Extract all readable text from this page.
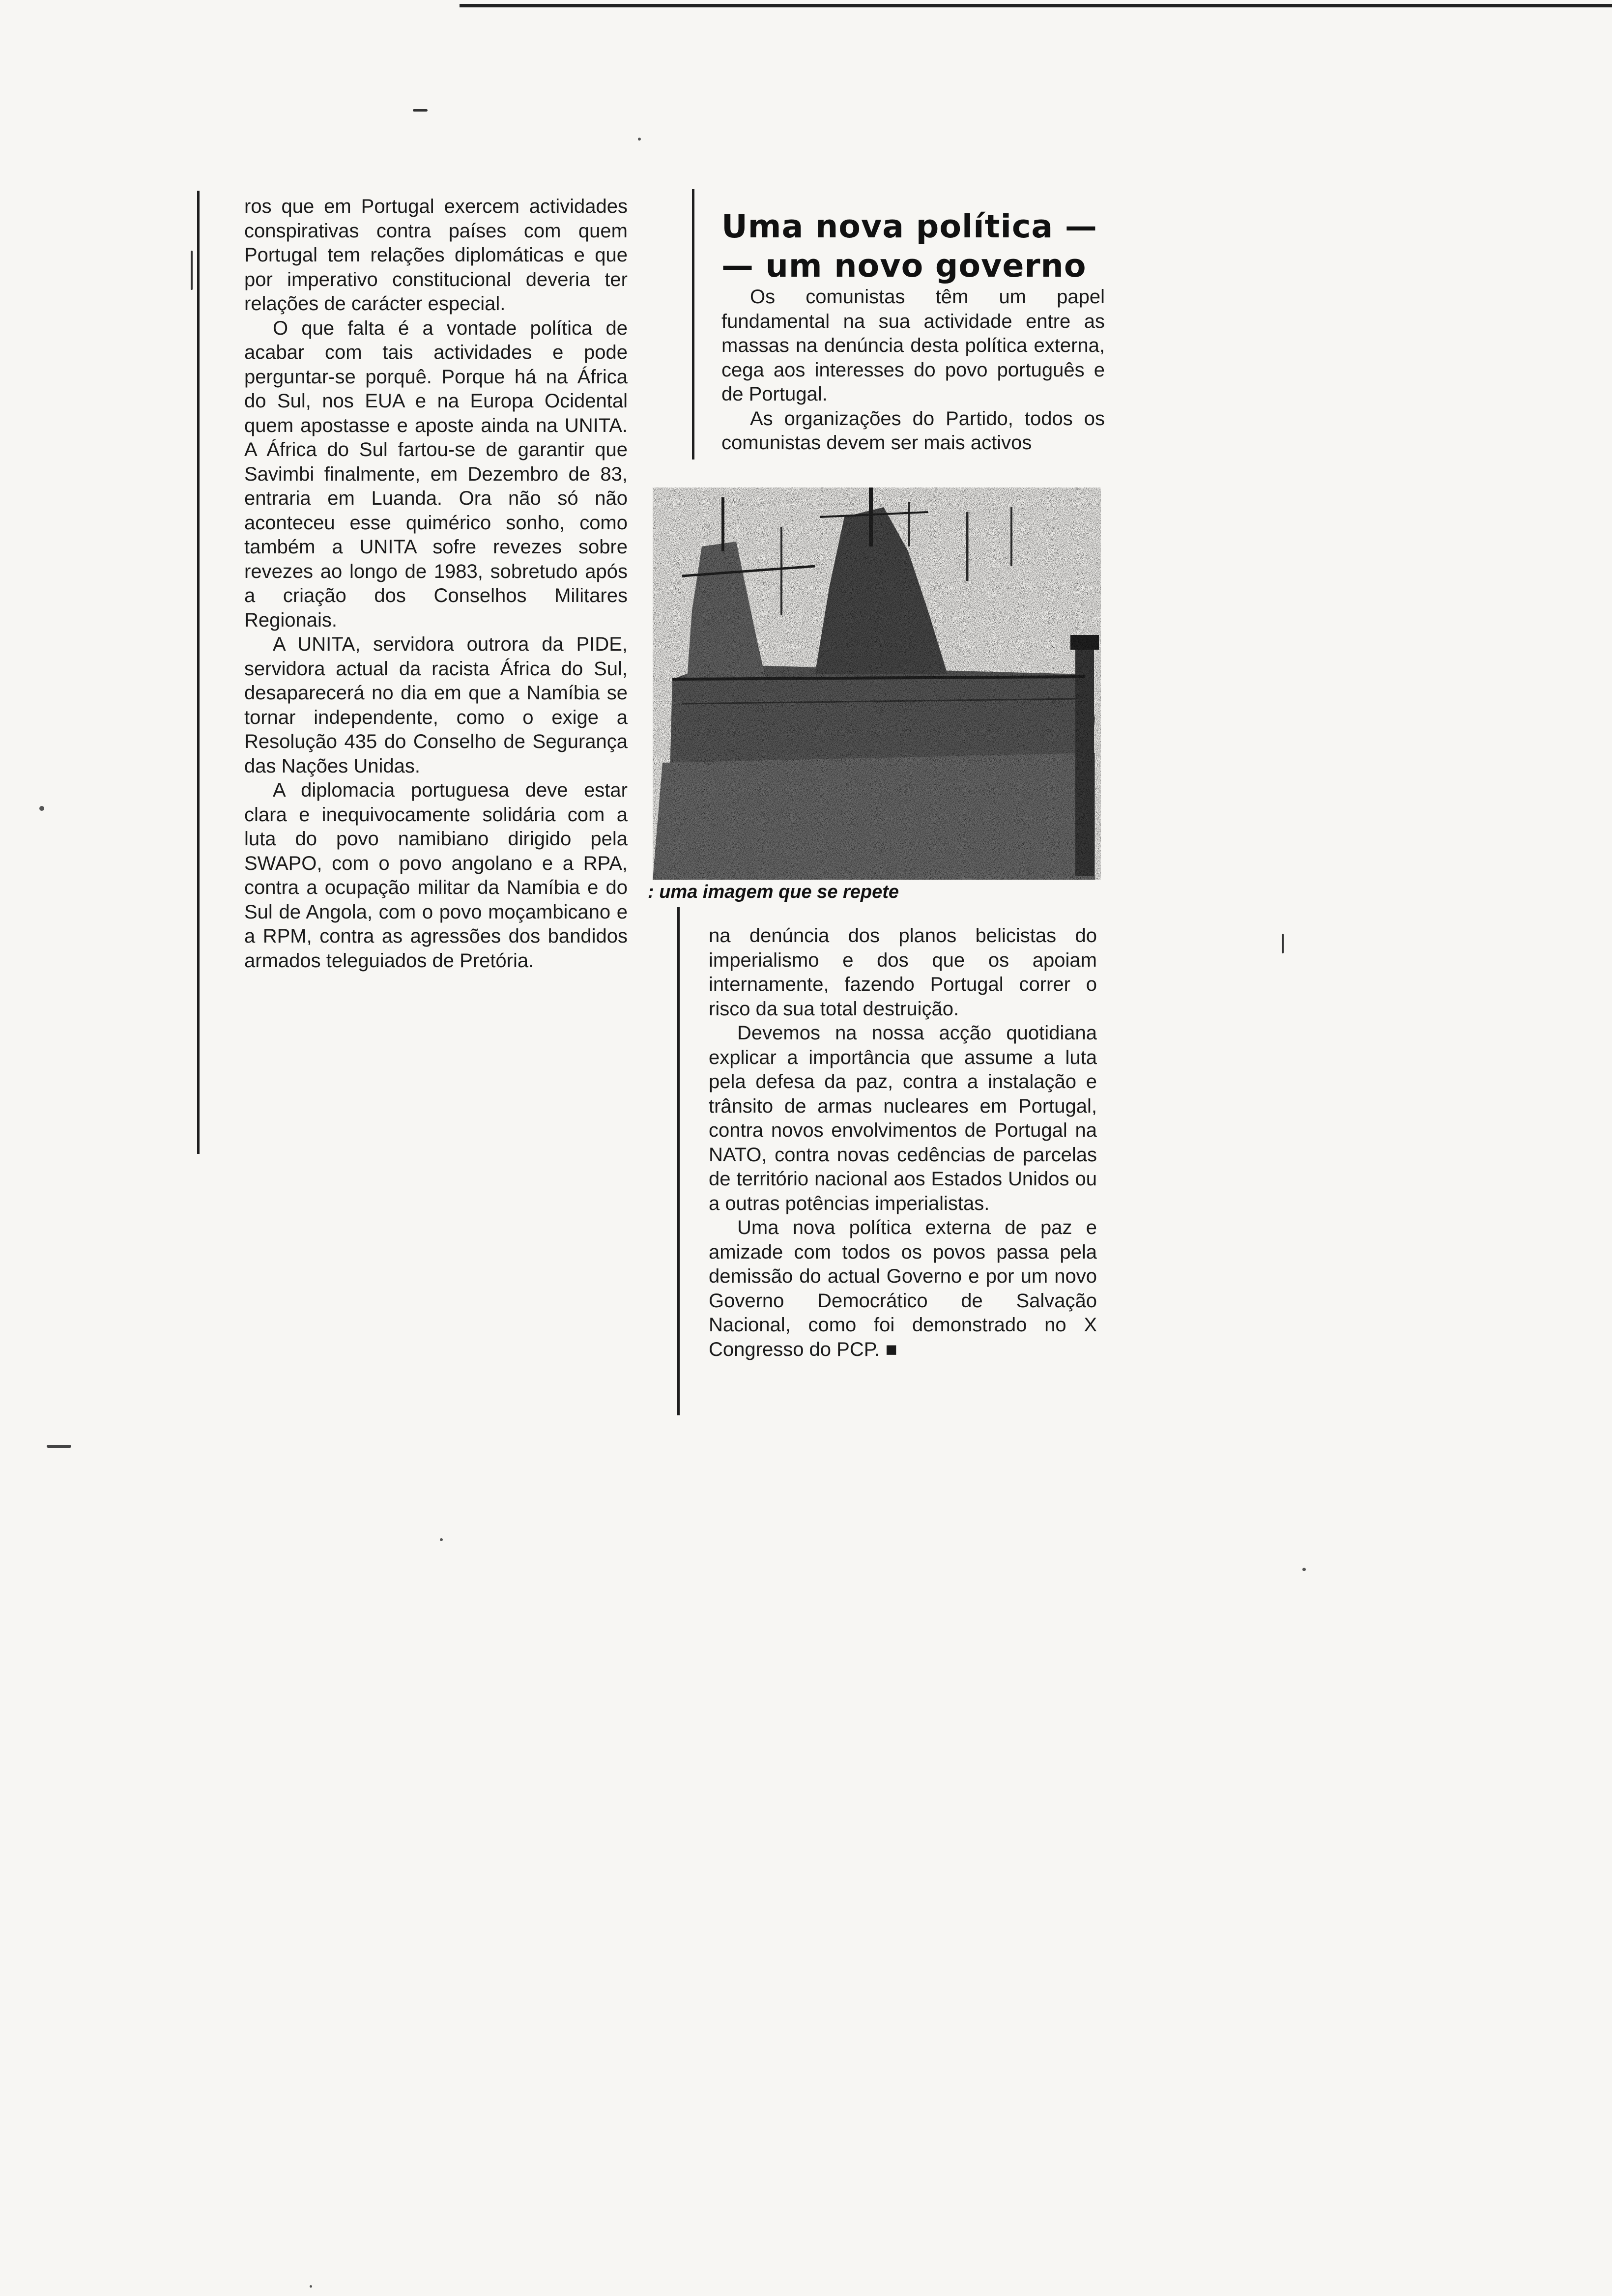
ros que em Portugal exercem actividades conspirativas contra países com quem Portugal tem relações diplomáticas e que por imperativo constitucional deveria ter relações de carácter especial.

O que falta é a vontade política de acabar com tais actividades e pode perguntar-se porquê. Porque há na África do Sul, nos EUA e na Europa Ocidental quem apostasse e aposte ainda na UNITA. A África do Sul fartou-se de garantir que Savimbi finalmente, em Dezembro de 83, entraria em Luanda. Ora não só não aconteceu esse quimérico sonho, como também a UNITA sofre revezes sobre revezes ao longo de 1983, sobretudo após a criação dos Conselhos Militares Regionais.

A UNITA, servidora outrora da PIDE, servidora actual da racista África do Sul, desaparecerá no dia em que a Namíbia se tornar independente, como o exige a Resolução 435 do Conselho de Segurança das Nações Unidas.

A diplomacia portuguesa deve estar clara e inequivocamente solidária com a luta do povo namibiano dirigido pela SWAPO, com o povo angolano e a RPA, contra a ocupação militar da Namíbia e do Sul de Angola, com o povo moçambicano e a RPM, contra as agressões dos bandidos armados teleguiados de Pretória.

Uma nova política —
— um novo governo

Os comunistas têm um papel fundamental na sua actividade entre as massas na denúncia desta política externa, cega aos interesses do povo português e de Portugal.

As organizações do Partido, todos os comunistas devem ser mais activos

: uma imagem que se repete

na denúncia dos planos belicistas do imperialismo e dos que os apoiam internamente, fazendo Portugal correr o risco da sua total destruição.

Devemos na nossa acção quotidiana explicar a importância que assume a luta pela defesa da paz, contra a instalação e trânsito de armas nucleares em Portugal, contra novos envolvimentos de Portugal na NATO, contra novas cedências de parcelas de território nacional aos Estados Unidos ou a outras potências imperialistas.

Uma nova política externa de paz e amizade com todos os povos passa pela demissão do actual Governo e por um novo Governo Democrático de Salvação Nacional, como foi demonstrado no X Congresso do PCP. ■
